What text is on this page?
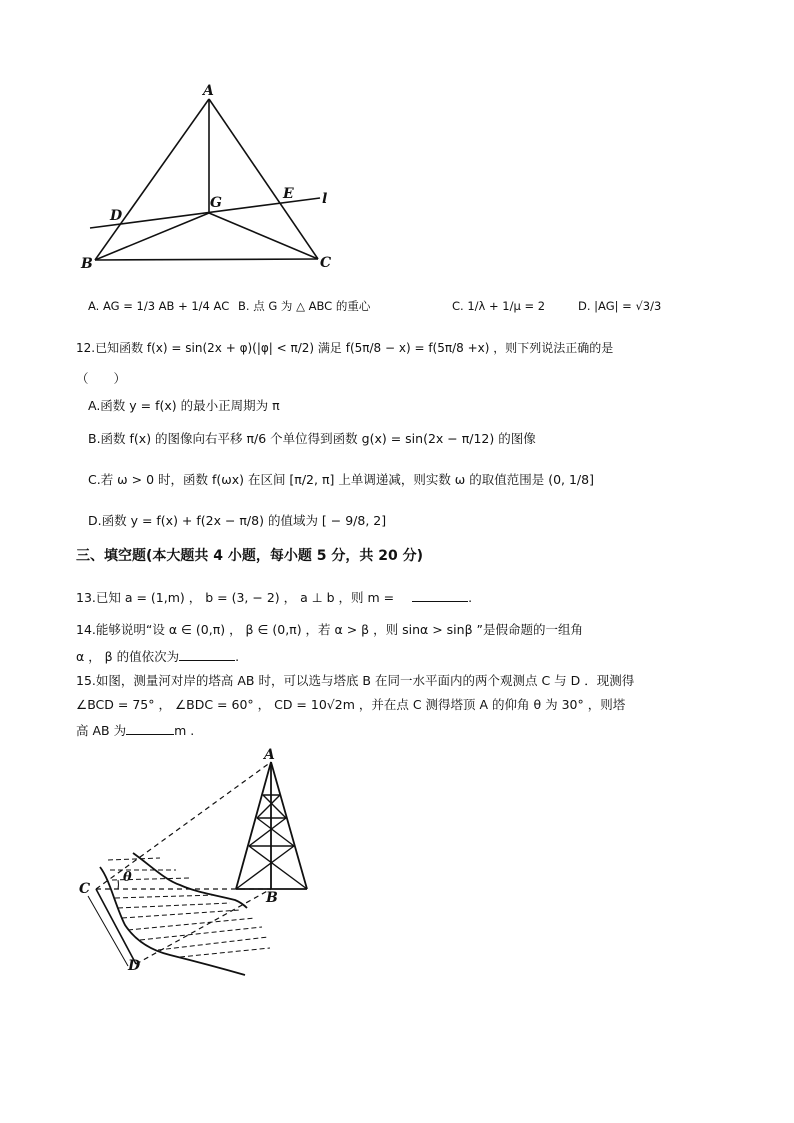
A
B	C
D
E
G	l
A. AG = 1/3 AB + 1/4 AC B. 点 G 为 △ ABC 的重心	C. 1/λ + 1/μ = 2	D. |AG| = √3/3
12.已知函数 f(x) = sin(2x + φ)(|φ| < π/2) 满足 f(5π/8 − x) = f(5π/8 +x) ，则下列说法正确的是
（　　）
A.函数 y = f(x) 的最小正周期为 π
B.函数 f(x) 的图像向右平移 π/6 个单位得到函数 g(x) = sin(2x − π/12) 的图像
C.若 ω > 0 时，函数 f(ωx) 在区间 [π/2, π] 上单调递减，则实数 ω 的取值范围是 (0, 1/8]
D.函数 y = f(x) + f(2x − π/8) 的值域为 [ − 9/8, 2]
三、填空题(本大题共 4 小题，每小题 5 分，共 20 分)
13.已知 a = (1,m) ， b = (3, − 2) ， a ⊥ b ，则 m =	.
14.能够说明“设 α ∈ (0,π) ， β ∈ (0,π) ，若 α > β ，则 sinα > sinβ ”是假命题的一组角
α ， β 的值依次为	.
15.如图，测量河对岸的塔高 AB 时，可以选与塔底 B 在同一水平面内的两个观测点 C 与 D ．现测得
∠BCD = 75° ， ∠BDC = 60° ， CD = 10√2m ，并在点 C 测得塔顶 A 的仰角 θ 为 30° ，则塔
高 AB 为	m .
A
B
C
D
θ
